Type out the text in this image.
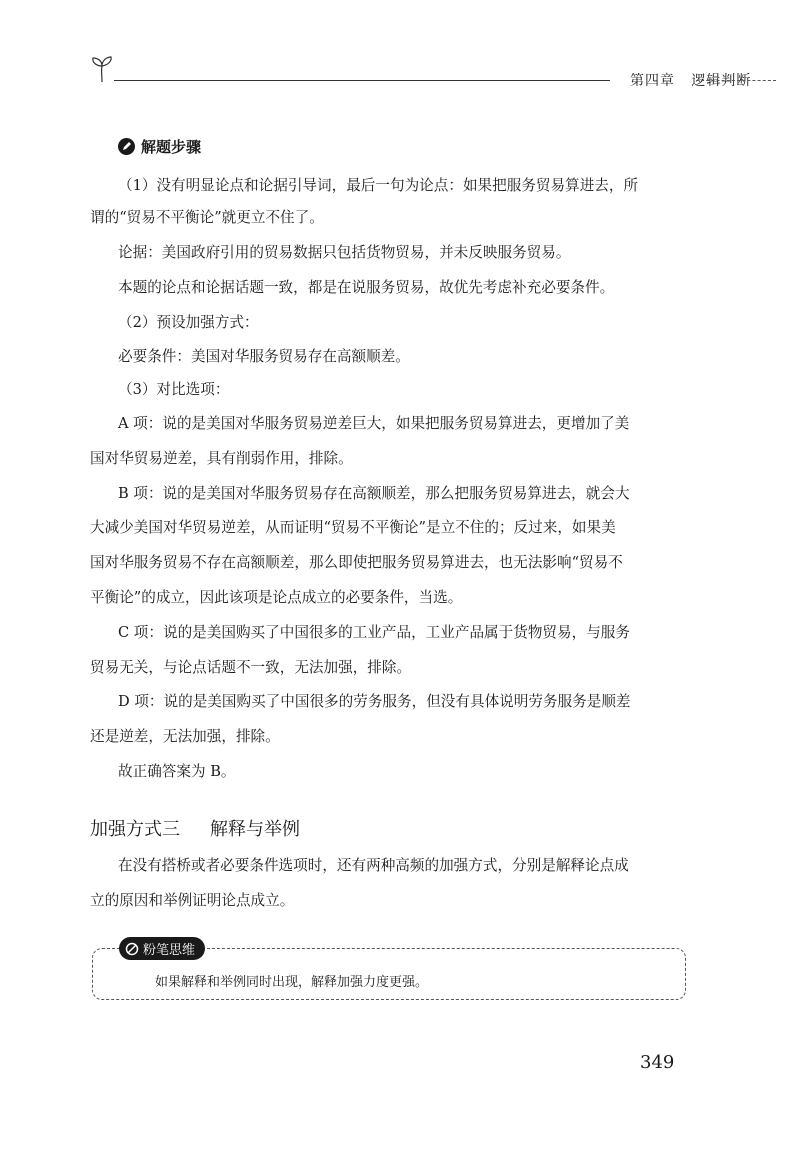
第四章 逻辑判断
解题步骤
（1）没有明显论点和论据引导词，最后一句为论点：如果把服务贸易算进去，所
谓的“贸易不平衡论”就更立不住了。
论据：美国政府引用的贸易数据只包括货物贸易，并未反映服务贸易。
本题的论点和论据话题一致，都是在说服务贸易，故优先考虑补充必要条件。
（2）预设加强方式：
必要条件：美国对华服务贸易存在高额顺差。
（3）对比选项：
A 项：说的是美国对华服务贸易逆差巨大，如果把服务贸易算进去，更增加了美
国对华贸易逆差，具有削弱作用，排除。
B 项：说的是美国对华服务贸易存在高额顺差，那么把服务贸易算进去，就会大
大减少美国对华贸易逆差，从而证明“贸易不平衡论”是立不住的；反过来，如果美
国对华服务贸易不存在高额顺差，那么即使把服务贸易算进去，也无法影响“贸易不
平衡论”的成立，因此该项是论点成立的必要条件，当选。
C 项：说的是美国购买了中国很多的工业产品，工业产品属于货物贸易，与服务
贸易无关，与论点话题不一致，无法加强，排除。
D 项：说的是美国购买了中国很多的劳务服务，但没有具体说明劳务服务是顺差
还是逆差，无法加强，排除。
故正确答案为 B。
加强方式三 解释与举例
在没有搭桥或者必要条件选项时，还有两种高频的加强方式，分别是解释论点成
立的原因和举例证明论点成立。
粉笔思维
如果解释和举例同时出现，解释加强力度更强。
349
